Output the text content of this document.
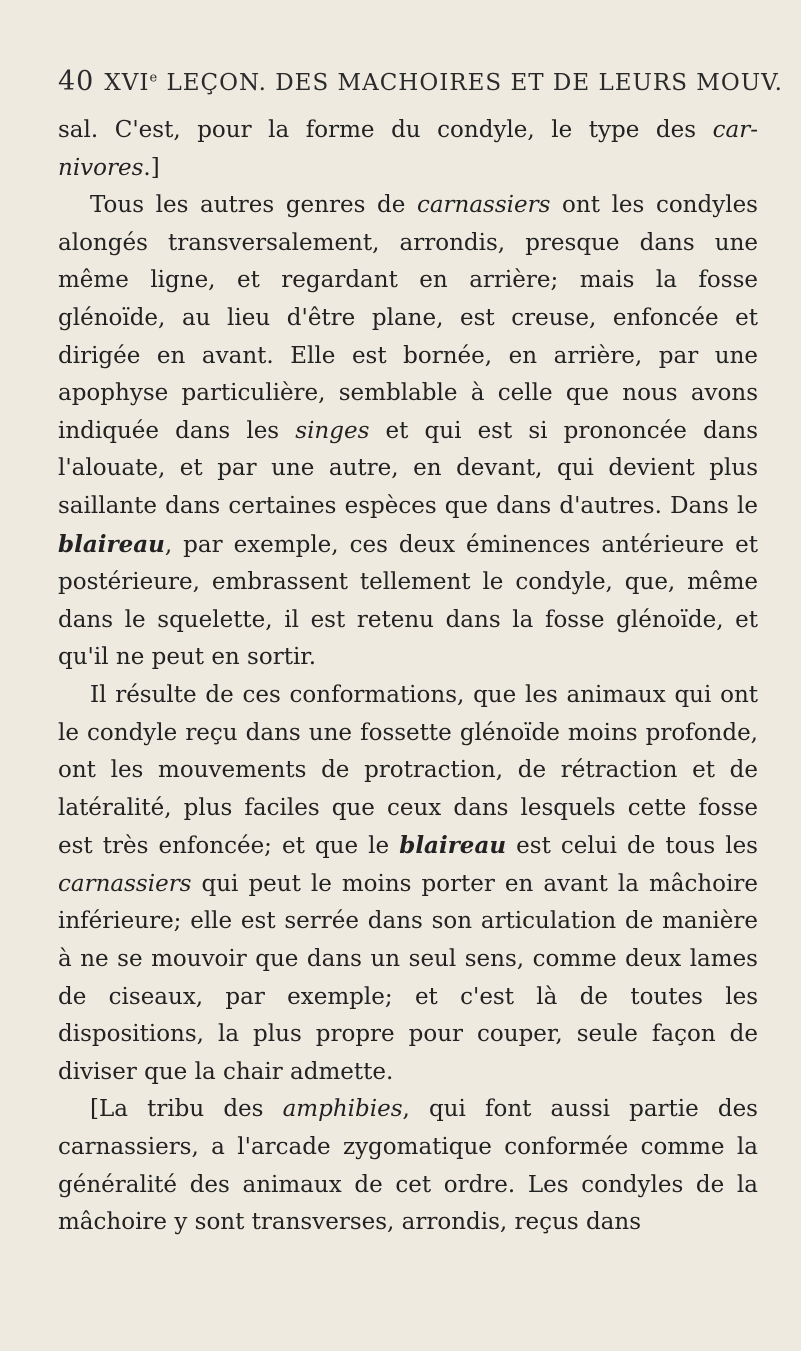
40 XVIe LEÇON. DES MACHOIRES ET DE LEURS MOUV.

sal. C'est, pour la forme du condyle, le type des car-nivores.]

Tous les autres genres de carnassiers ont les condyles alongés transversalement, arrondis, presque dans une même ligne, et regardant en arrière; mais la fosse glénoïde, au lieu d'être plane, est creuse, enfoncée et dirigée en avant. Elle est bornée, en arrière, par une apophyse particulière, semblable à celle que nous avons indiquée dans les singes et qui est si prononcée dans l'alouate, et par une autre, en devant, qui devient plus saillante dans certaines espèces que dans d'autres. Dans le blaireau, par exemple, ces deux éminences antérieure et postérieure, embrassent tellement le condyle, que, même dans le squelette, il est retenu dans la fosse glénoïde, et qu'il ne peut en sortir.

Il résulte de ces conformations, que les animaux qui ont le condyle reçu dans une fossette glénoïde moins profonde, ont les mouvements de protraction, de rétraction et de latéralité, plus faciles que ceux dans lesquels cette fosse est très enfoncée; et que le blaireau est celui de tous les carnassiers qui peut le moins porter en avant la mâchoire inférieure; elle est serrée dans son articulation de manière à ne se mouvoir que dans un seul sens, comme deux lames de ciseaux, par exemple; et c'est là de toutes les dispositions, la plus propre pour couper, seule façon de diviser que la chair admette.

[La tribu des amphibies, qui font aussi partie des carnassiers, a l'arcade zygomatique conformée comme la généralité des animaux de cet ordre. Les condyles de la mâchoire y sont transverses, arrondis, reçus dans
